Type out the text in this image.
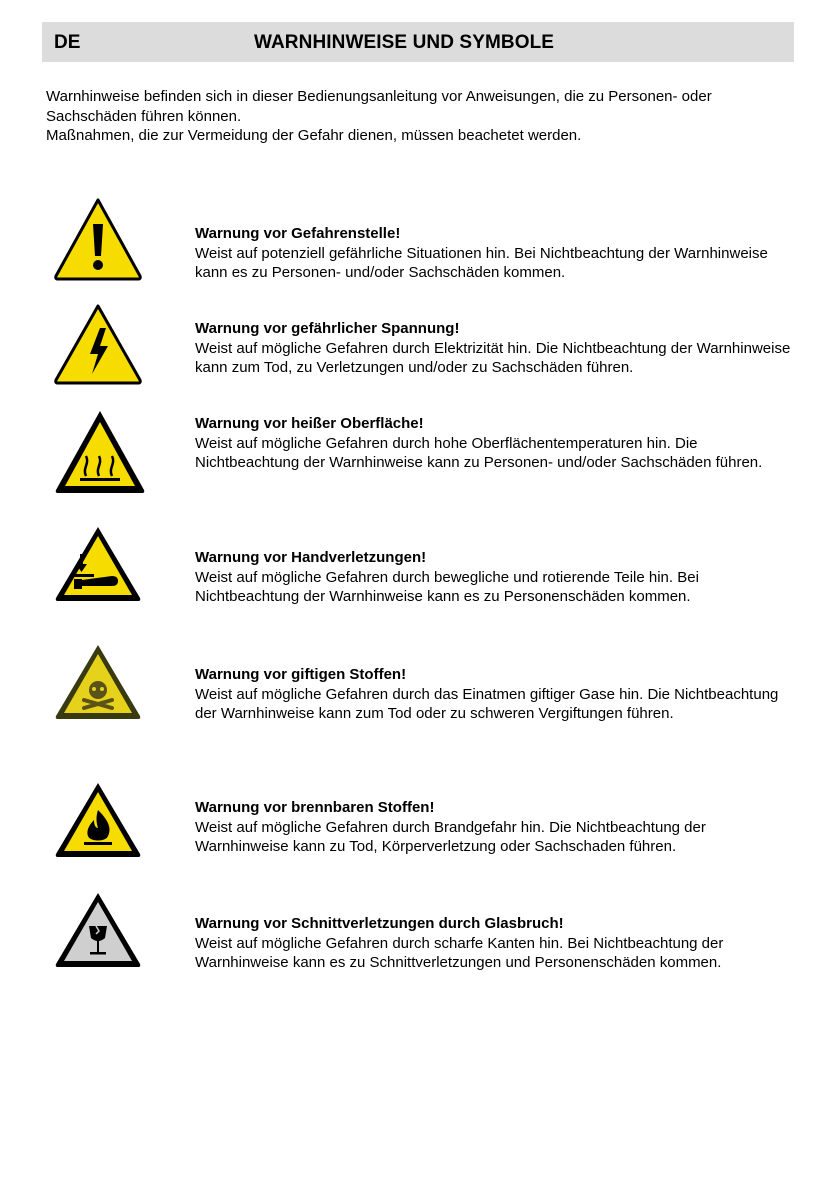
DE	WARNHINWEISE UND SYMBOLE

Warnhinweise befinden sich in dieser Bedienungsanleitung vor Anweisungen, die zu Personen- oder Sachschäden führen können.

Maßnahmen, die zur Vermeidung der Gefahr dienen, müssen beachetet werden.

Warnung vor Gefahrenstelle!
Weist auf potenziell gefährliche Situationen hin. Bei Nichtbeachtung der Warnhinweise kann es zu Personen- und/oder Sachschäden kommen.
Warnung vor gefährlicher Spannung!
Weist auf mögliche Gefahren durch Elektrizität hin. Die Nichtbeachtung der Warnhinweise kann zum Tod, zu Verletzungen und/oder zu Sachschäden führen.
Warnung vor heißer Oberfläche!
Weist auf mögliche Gefahren durch hohe Oberflächentemperaturen hin. Die Nichtbeachtung der Warnhinweise kann zu Personen- und/oder Sachschäden führen.
Warnung vor Handverletzungen!
Weist auf mögliche Gefahren durch bewegliche und rotierende Teile hin. Bei Nichtbeachtung der Warnhinweise kann es zu Personenschäden kommen.
Warnung vor giftigen Stoffen!
Weist auf mögliche Gefahren durch das Einatmen giftiger Gase hin. Die Nichtbeachtung der Warnhinweise kann zum Tod oder zu schweren Vergiftungen führen.
Warnung vor brennbaren Stoffen!
Weist auf mögliche Gefahren durch Brandgefahr hin. Die Nichtbeachtung der Warnhinweise kann zu Tod, Körperverletzung oder Sachschaden führen.
Warnung vor Schnittverletzungen durch Glasbruch!
Weist auf mögliche Gefahren durch scharfe Kanten hin. Bei Nichtbeachtung der Warnhinweise kann es zu Schnittverletzungen und Personenschäden kommen.
